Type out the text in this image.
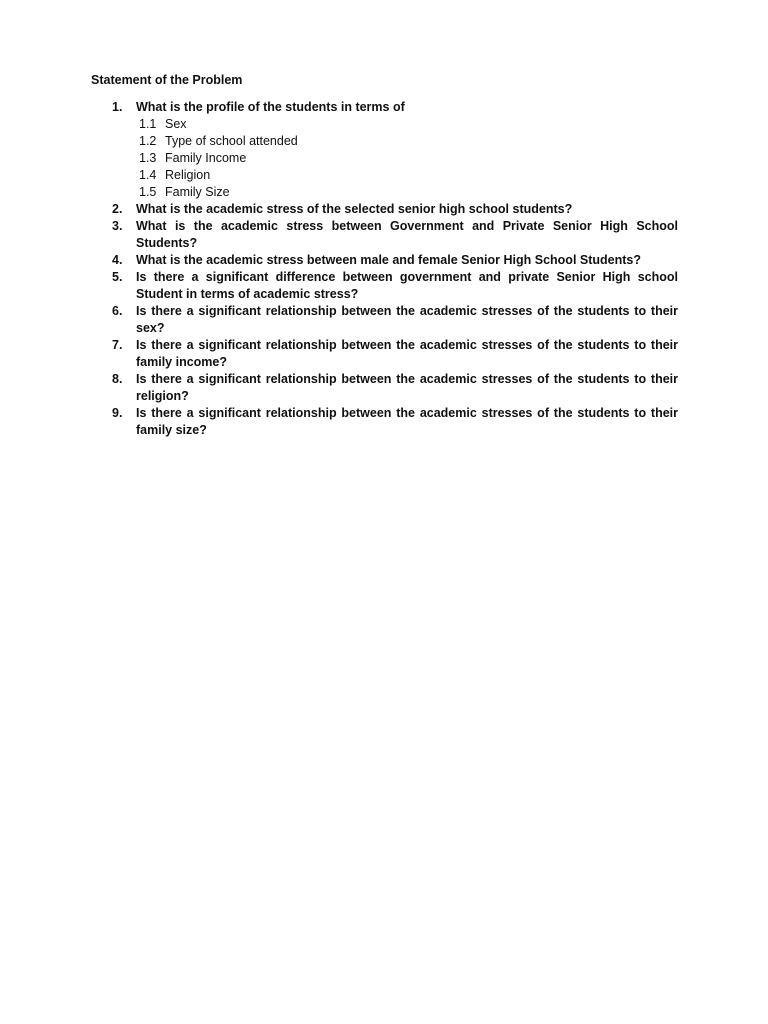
Statement of the Problem
1.	What is the profile of the students in terms of
1.1 Sex
1.2 Type of school attended
1.3 Family Income
1.4 Religion
1.5 Family Size
2.	What is the academic stress of the selected senior high school students?
3.	What is the academic stress between Government and Private Senior High School Students?
4.	What is the academic stress between male and female Senior High School Students?
5.	Is there a significant difference between government and private Senior High school Student in terms of academic stress?
6.	Is there a significant relationship between the academic stresses of the students to their sex?
7.	Is there a significant relationship between the academic stresses of the students to their family income?
8.	Is there a significant relationship between the academic stresses of the students to their religion?
9.	Is there a significant relationship between the academic stresses of the students to their family size?
